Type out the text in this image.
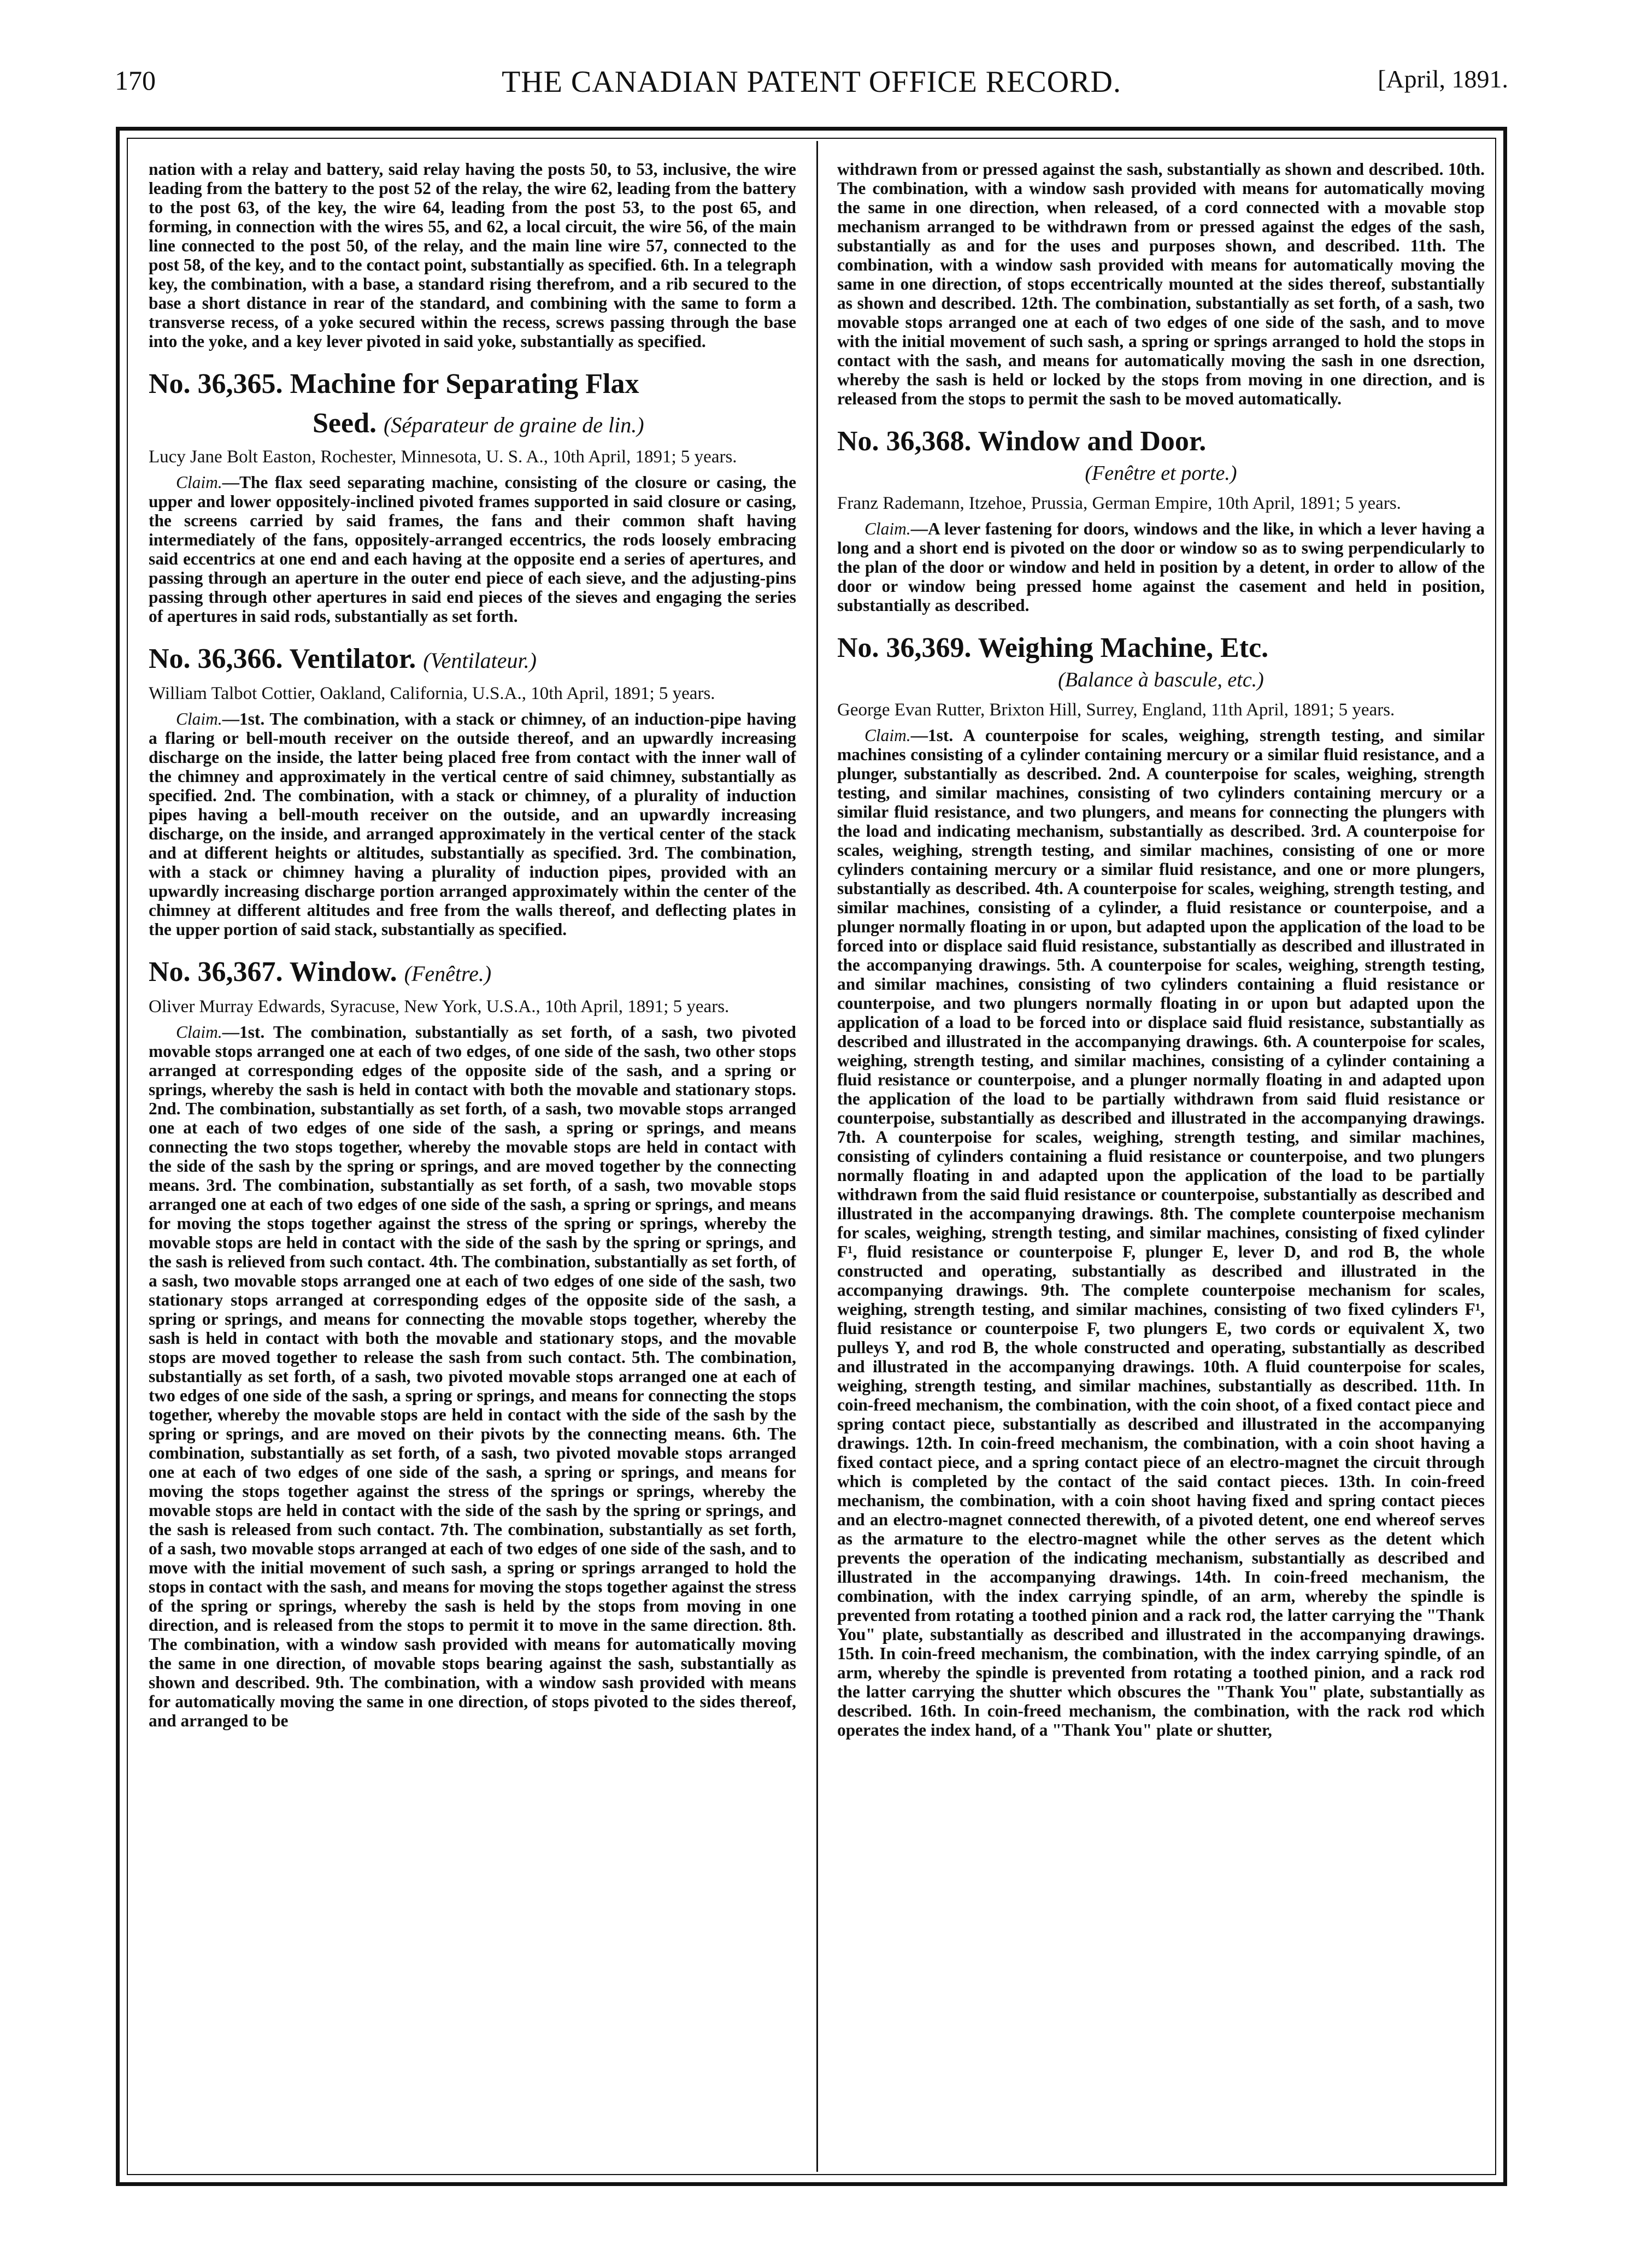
170	THE CANADIAN PATENT OFFICE RECORD.	[April, 1891.

nation with a relay and battery, said relay having the posts 50, to 53, inclusive, the wire leading from the battery to the post 52 of the relay, the wire 62, leading from the battery to the post 63, of the key, the wire 64, leading from the post 53, to the post 65, and forming, in connection with the wires 55, and 62, a local circuit, the wire 56, of the main line connected to the post 50, of the relay, and the main line wire 57, connected to the post 58, of the key, and to the contact point, substantially as specified. 6th. In a telegraph key, the combination, with a base, a standard rising therefrom, and a rib secured to the base a short distance in rear of the standard, and combining with the same to form a transverse recess, of a yoke secured within the recess, screws passing through the base into the yoke, and a key lever pivoted in said yoke, substantially as specified.

No. 36,365. Machine for Separating Flax
Seed. (Séparateur de graine de lin.)

Lucy Jane Bolt Easton, Rochester, Minnesota, U. S. A., 10th April, 1891; 5 years.

Claim.—The flax seed separating machine, consisting of the closure or casing, the upper and lower oppositely-inclined pivoted frames supported in said closure or casing, the screens carried by said frames, the fans and their common shaft having intermediately of the fans, oppositely-arranged eccentrics, the rods loosely embracing said eccentrics at one end and each having at the opposite end a series of apertures, and passing through an aperture in the outer end piece of each sieve, and the adjusting-pins passing through other apertures in said end pieces of the sieves and engaging the series of apertures in said rods, substantially as set forth.

No. 36,366. Ventilator. (Ventilateur.)

William Talbot Cottier, Oakland, California, U.S.A., 10th April, 1891; 5 years.

Claim.—1st. The combination, with a stack or chimney, of an induction-pipe having a flaring or bell-mouth receiver on the outside thereof, and an upwardly increasing discharge on the inside, the latter being placed free from contact with the inner wall of the chimney and approximately in the vertical centre of said chimney, substantially as specified. 2nd. The combination, with a stack or chimney, of a plurality of induction pipes having a bell-mouth receiver on the outside, and an upwardly increasing discharge, on the inside, and arranged approximately in the vertical center of the stack and at different heights or altitudes, substantially as specified. 3rd. The combination, with a stack or chimney having a plurality of induction pipes, provided with an upwardly increasing discharge portion arranged approximately within the center of the chimney at different altitudes and free from the walls thereof, and deflecting plates in the upper portion of said stack, substantially as specified.

No. 36,367. Window. (Fenêtre.)

Oliver Murray Edwards, Syracuse, New York, U.S.A., 10th April, 1891; 5 years.

Claim.—1st. The combination, substantially as set forth, of a sash, two pivoted movable stops arranged one at each of two edges, of one side of the sash, two other stops arranged at corresponding edges of the opposite side of the sash, and a spring or springs, whereby the sash is held in contact with both the movable and stationary stops. 2nd. The combination, substantially as set forth, of a sash, two movable stops arranged one at each of two edges of one side of the sash, a spring or springs, and means connecting the two stops together, whereby the movable stops are held in contact with the side of the sash by the spring or springs, and are moved together by the connecting means. 3rd. The combination, substantially as set forth, of a sash, two movable stops arranged one at each of two edges of one side of the sash, a spring or springs, and means for moving the stops together against the stress of the spring or springs, whereby the movable stops are held in contact with the side of the sash by the spring or springs, and the sash is relieved from such contact. 4th. The combination, substantially as set forth, of a sash, two movable stops arranged one at each of two edges of one side of the sash, two stationary stops arranged at corresponding edges of the opposite side of the sash, a spring or springs, and means for connecting the movable stops together, whereby the sash is held in contact with both the movable and stationary stops, and the movable stops are moved together to release the sash from such contact. 5th. The combination, substantially as set forth, of a sash, two pivoted movable stops arranged one at each of two edges of one side of the sash, a spring or springs, and means for connecting the stops together, whereby the movable stops are held in contact with the side of the sash by the spring or springs, and are moved on their pivots by the connecting means. 6th. The combination, substantially as set forth, of a sash, two pivoted movable stops arranged one at each of two edges of one side of the sash, a spring or springs, and means for moving the stops together against the stress of the springs or springs, whereby the movable stops are held in contact with the side of the sash by the spring or springs, and the sash is released from such contact. 7th. The combination, substantially as set forth, of a sash, two movable stops arranged at each of two edges of one side of the sash, and to move with the initial movement of such sash, a spring or springs arranged to hold the stops in contact with the sash, and means for moving the stops together against the stress of the spring or springs, whereby the sash is held by the stops from moving in one direction, and is released from the stops to permit it to move in the same direction. 8th. The combination, with a window sash provided with means for automatically moving the same in one direction, of movable stops bearing against the sash, substantially as shown and described. 9th. The combination, with a window sash provided with means for automatically moving the same in one direction, of stops pivoted to the sides thereof, and arranged to be

withdrawn from or pressed against the sash, substantially as shown and described. 10th. The combination, with a window sash provided with means for automatically moving the same in one direction, when released, of a cord connected with a movable stop mechanism arranged to be withdrawn from or pressed against the edges of the sash, substantially as and for the uses and purposes shown, and described. 11th. The combination, with a window sash provided with means for automatically moving the same in one direction, of stops eccentrically mounted at the sides thereof, substantially as shown and described. 12th. The combination, substantially as set forth, of a sash, two movable stops arranged one at each of two edges of one side of the sash, and to move with the initial movement of such sash, a spring or springs arranged to hold the stops in contact with the sash, and means for automatically moving the sash in one dsrection, whereby the sash is held or locked by the stops from moving in one direction, and is released from the stops to permit the sash to be moved automatically.

No. 36,368. Window and Door.
(Fenêtre et porte.)

Franz Rademann, Itzehoe, Prussia, German Empire, 10th April, 1891; 5 years.

Claim.—A lever fastening for doors, windows and the like, in which a lever having a long and a short end is pivoted on the door or window so as to swing perpendicularly to the plan of the door or window and held in position by a detent, in order to allow of the door or window being pressed home against the casement and held in position, substantially as described.

No. 36,369. Weighing Machine, Etc.
(Balance à bascule, etc.)

George Evan Rutter, Brixton Hill, Surrey, England, 11th April, 1891; 5 years.

Claim.—1st. A counterpoise for scales, weighing, strength testing, and similar machines consisting of a cylinder containing mercury or a similar fluid resistance, and a plunger, substantially as described. 2nd. A counterpoise for scales, weighing, strength testing, and similar machines, consisting of two cylinders containing mercury or a similar fluid resistance, and two plungers, and means for connecting the plungers with the load and indicating mechanism, substantially as described. 3rd. A counterpoise for scales, weighing, strength testing, and similar machines, consisting of one or more cylinders containing mercury or a similar fluid resistance, and one or more plungers, substantially as described. 4th. A counterpoise for scales, weighing, strength testing, and similar machines, consisting of a cylinder, a fluid resistance or counterpoise, and a plunger normally floating in or upon, but adapted upon the application of the load to be forced into or displace said fluid resistance, substantially as described and illustrated in the accompanying drawings. 5th. A counterpoise for scales, weighing, strength testing, and similar machines, consisting of two cylinders containing a fluid resistance or counterpoise, and two plungers normally floating in or upon but adapted upon the application of a load to be forced into or displace said fluid resistance, substantially as described and illustrated in the accompanying drawings. 6th. A counterpoise for scales, weighing, strength testing, and similar machines, consisting of a cylinder containing a fluid resistance or counterpoise, and a plunger normally floating in and adapted upon the application of the load to be partially withdrawn from said fluid resistance or counterpoise, substantially as described and illustrated in the accompanying drawings. 7th. A counterpoise for scales, weighing, strength testing, and similar machines, consisting of cylinders containing a fluid resistance or counterpoise, and two plungers normally floating in and adapted upon the application of the load to be partially withdrawn from the said fluid resistance or counterpoise, substantially as described and illustrated in the accompanying drawings. 8th. The complete counterpoise mechanism for scales, weighing, strength testing, and similar machines, consisting of fixed cylinder F¹, fluid resistance or counterpoise F, plunger E, lever D, and rod B, the whole constructed and operating, substantially as described and illustrated in the accompanying drawings. 9th. The complete counterpoise mechanism for scales, weighing, strength testing, and similar machines, consisting of two fixed cylinders F¹, fluid resistance or counterpoise F, two plungers E, two cords or equivalent X, two pulleys Y, and rod B, the whole constructed and operating, substantially as described and illustrated in the accompanying drawings. 10th. A fluid counterpoise for scales, weighing, strength testing, and similar machines, substantially as described. 11th. In coin-freed mechanism, the combination, with the coin shoot, of a fixed contact piece and spring contact piece, substantially as described and illustrated in the accompanying drawings. 12th. In coin-freed mechanism, the combination, with a coin shoot having a fixed contact piece, and a spring contact piece of an electro-magnet the circuit through which is completed by the contact of the said contact pieces. 13th. In coin-freed mechanism, the combination, with a coin shoot having fixed and spring contact pieces and an electro-magnet connected therewith, of a pivoted detent, one end whereof serves as the armature to the electro-magnet while the other serves as the detent which prevents the operation of the indicating mechanism, substantially as described and illustrated in the accompanying drawings. 14th. In coin-freed mechanism, the combination, with the index carrying spindle, of an arm, whereby the spindle is prevented from rotating a toothed pinion and a rack rod, the latter carrying the "Thank You" plate, substantially as described and illustrated in the accompanying drawings. 15th. In coin-freed mechanism, the combination, with the index carrying spindle, of an arm, whereby the spindle is prevented from rotating a toothed pinion, and a rack rod the latter carrying the shutter which obscures the "Thank You" plate, substantially as described. 16th. In coin-freed mechanism, the combination, with the rack rod which operates the index hand, of a "Thank You" plate or shutter,
